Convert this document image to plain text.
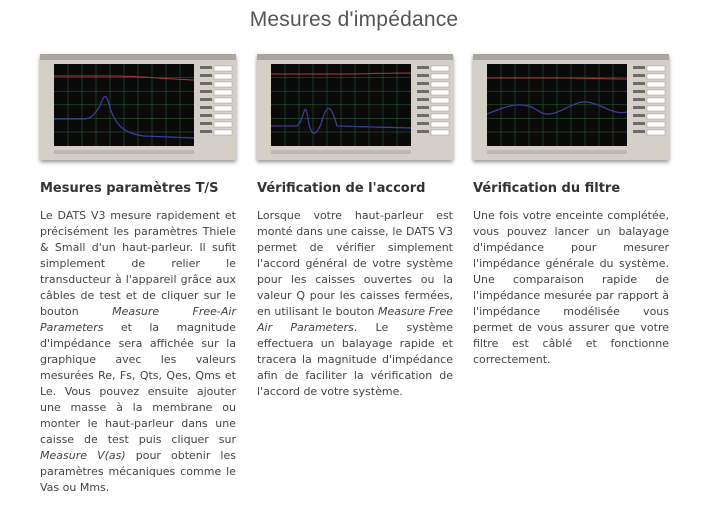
Mesures d'impédance
Mesures paramètres T/S
Le DATS V3 mesure rapidement et précisément les paramètres Thiele & Small d'un haut-parleur. Il sufit simplement de relier le transducteur à l'appareil grâce aux câbles de test et de cliquer sur le bouton Measure Free-Air Parameters et la magnitude d'impédance sera affichée sur la graphique avec les valeurs mesurées Re, Fs, Qts, Qes, Qms et Le. Vous pouvez ensuite ajouter une masse à la membrane ou monter le haut-parleur dans une caisse de test puis cliquer sur Measure V(as) pour obtenir les paramètres mécaniques comme le Vas ou Mms.
Vérification de l'accord
Lorsque votre haut-parleur est monté dans une caisse, le DATS V3 permet de vérifier simplement l'accord général de votre système pour les caisses ouvertes ou la valeur Q pour les caisses fermées, en utilisant le bouton Measure Free Air Parameters. Le système effectuera un balayage rapide et tracera la magnitude d'impédance afin de faciliter la vérification de l'accord de votre système.
Vérification du filtre
Une fois votre enceinte complétée, vous pouvez lancer un balayage d'impédance pour mesurer l'impédance générale du système. Une comparaison rapide de l'impédance mesurée par rapport à l'impédance modélisée vous permet de vous assurer que votre filtre est câblé et fonctionne correctement.
